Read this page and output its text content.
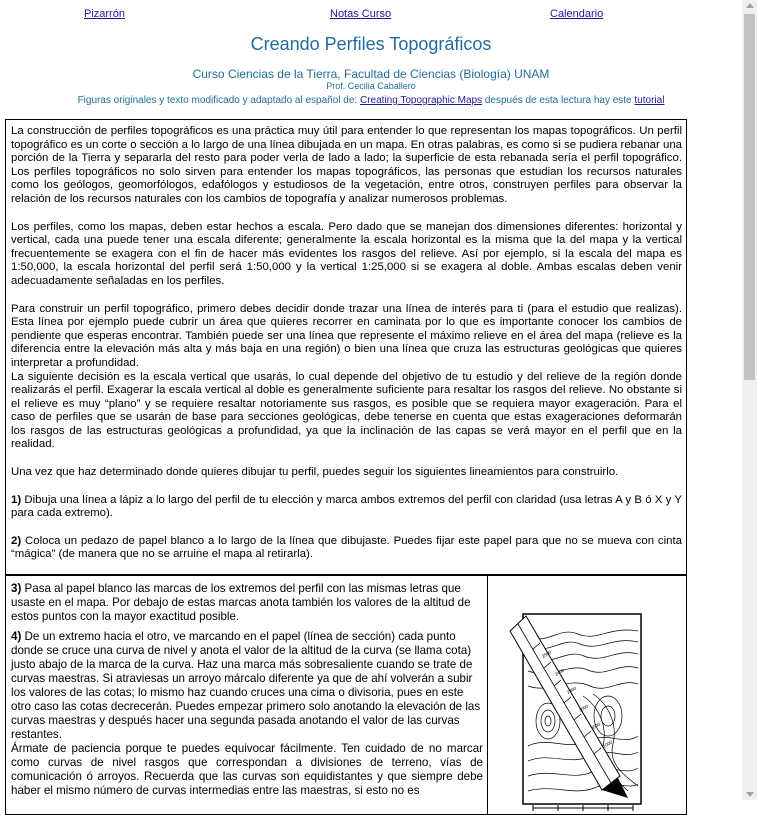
Pizarrón	Notas Curso	Calendario
Creando Perfiles Topográficos
Curso Ciencias de la Tierra, Facultad de Ciencias (Biología) UNAM
Prof. Cecilia Caballero
Figuras originales y texto modificado y adaptado al español de: Creating Topographic Maps después de esta lectura hay este tutorial

La construcción de perfiles topográficos es una práctica muy útil para entender lo que representan los mapas topográficos. Un perfil topográfico es un corte o sección a lo largo de una línea dibujada en un mapa. En otras palabras, es como si se pudiera rebanar una porción de la Tierra y separarla del resto para poder verla de lado a lado; la superficie de esta rebanada sería el perfil topográfico. Los perfiles topográficos no solo sirven para entender los mapas topográficos, las personas que estudian los recursos naturales como los geólogos, geomorfólogos, edafólogos y estudiosos de la vegetación, entre otros, construyen perfiles para observar la relación de los recursos naturales con los cambios de topografía y analizar numerosos problemas.

Los perfiles, como los mapas, deben estar hechos a escala. Pero dado que se manejan dos dimensiones diferentes: horizontal y vertical, cada una puede tener una escala diferente; generalmente la escala horizontal es la misma que la del mapa y la vertical frecuentemente se exagera con el fin de hacer más evidentes los rasgos del relieve. Así por ejemplo, si la escala del mapa es 1:50,000, la escala horizontal del perfil será 1:50,000 y la vertical 1:25,000 si se exagera al doble. Ambas escalas deben venir adecuadamente señaladas en los perfiles.

Para construir un perfil topográfico, primero debes decidir donde trazar una línea de interés para ti (para el estudio que realizas). Esta línea por ejemplo puede cubrir un área que quieres recorrer en caminata por lo que es importante conocer los cambios de pendiente que esperas encontrar. También puede ser una línea que represente el máximo relieve en el área del mapa (relieve es la diferencia entre la elevación más alta y más baja en una región) o bien una línea que cruza las estructuras geológicas que quieres interpretar a profundidad.

La siguiente decisión es la escala vertical que usarás, lo cual depende del objetivo de tu estudio y del relieve de la región donde realizarás el perfil. Exagerar la escala vertical al doble es generalmente suficiente para resaltar los rasgos del relieve. No obstante si el relieve es muy “plano” y se requiere resaltar notoriamente sus rasgos, es posible que se requiera mayor exageración. Para el caso de perfiles que se usarán de base para secciones geológicas, debe tenerse en cuenta que estas exageraciones deformarán los rasgos de las estructuras geológicas a profundidad, ya que la inclinación de las capas se verá mayor en el perfil que en la realidad.

Una vez que haz determinado donde quieres dibujar tu perfil, puedes seguir los siguientes lineamientos para construirlo.

1) Dibuja una línea a lápiz a lo largo del perfil de tu elección y marca ambos extremos del perfil con claridad (usa letras A y B ó X y Y para cada extremo).

2) Coloca un pedazo de papel blanco a lo largo de la línea que dibujaste. Puedes fijar este papel para que no se mueva con cinta “mágica” (de manera que no se arruine el mapa al retirarla).

3) Pasa al papel blanco las marcas de los extremos del perfil con las mismas letras que usaste en el mapa. Por debajo de estas marcas anota también los valores de la altitud de estos puntos con la mayor exactitud posible.

4) De un extremo hacia el otro, ve marcando en el papel (línea de sección) cada punto donde se cruce una curva de nivel y anota el valor de la altitud de la curva (se llama cota) justo abajo de la marca de la curva. Haz una marca más sobresaliente cuando se trate de curvas maestras. Si atraviesas un arroyo márcalo diferente ya que de ahí volverán a subir los valores de las cotas; lo mismo haz cuando cruces una cima o divisoria, pues en este otro caso las cotas decrecerán. Puedes empezar primero solo anotando la elevación de las curvas maestras y después hacer una segunda pasada anotando el valor de las curvas restantes.

Ármate de paciencia porque te puedes equivocar fácilmente. Ten cuidado de no marcar como curvas de nivel rasgos que correspondan a divisiones de terreno, vías de comunicación ó arroyos. Recuerda que las curvas son equidistantes y que siempre debe haber el mismo número de curvas intermedias entre las maestras, si esto no es

2500
2400
2300
3000
3000
1000
